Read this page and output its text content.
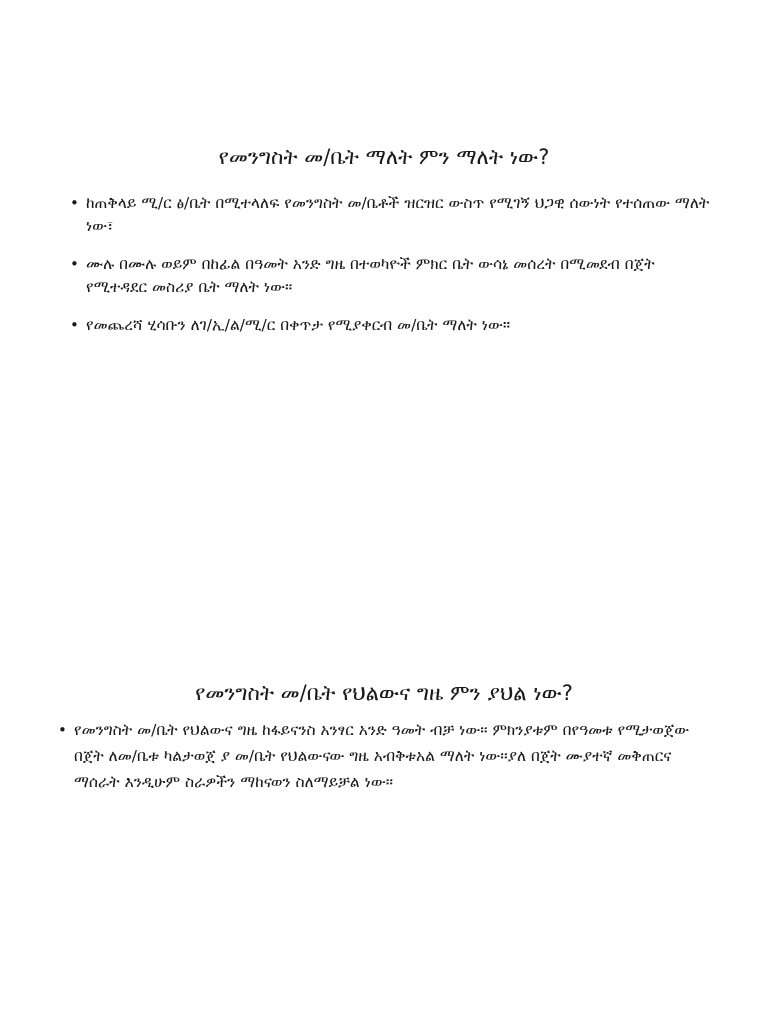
የመንግስት መ/ቤት ማለት ምን ማለት ነው?
• ከጠቅላይ ሚ/ር ፅ/ቤት በሚተላለፍ የመንግስት መ/ቤቶች ዝርዝር ውስጥ የሚገኝ ህጋዊ ሰውነት የተሰጠው ማለት ነው፣
• ሙሉ በሙሉ ወይም በከፊል በዓመት አንድ ግዜ በተወካዮች ምክር ቤት ውሳኔ መሰረት በሚመደብ በጀት የሚተዳደር መስሪያ ቤት ማለት ነው፡፡
• የመጨረሻ ሂሳቡን ለገ/ኢ/ል/ሚ/ር በቀጥታ የሚያቀርብ መ/ቤት ማለት ነው።
የመንግስት መ/ቤት የህልውና ግዜ ምን ያህል ነው?
• የመንግስት መ/ቤት የህልውና ግዜ ከፋይናንስ አንፃር አንድ ዓመት ብቻ ነው፡፡ ምክንያቱም በየዓመቱ የሚታወጀው በጀት ለመ/ቤቱ ካልታወጀ ያ መ/ቤት የህልውናው ግዜ አብቅቱአል ማለት ነው፡፡ያለ በጀት ሙያተኛ መቅጠርና ማሰራት እንዲሁም ስራዎችን ማከናወን ስለማይቻል ነው፡፡
